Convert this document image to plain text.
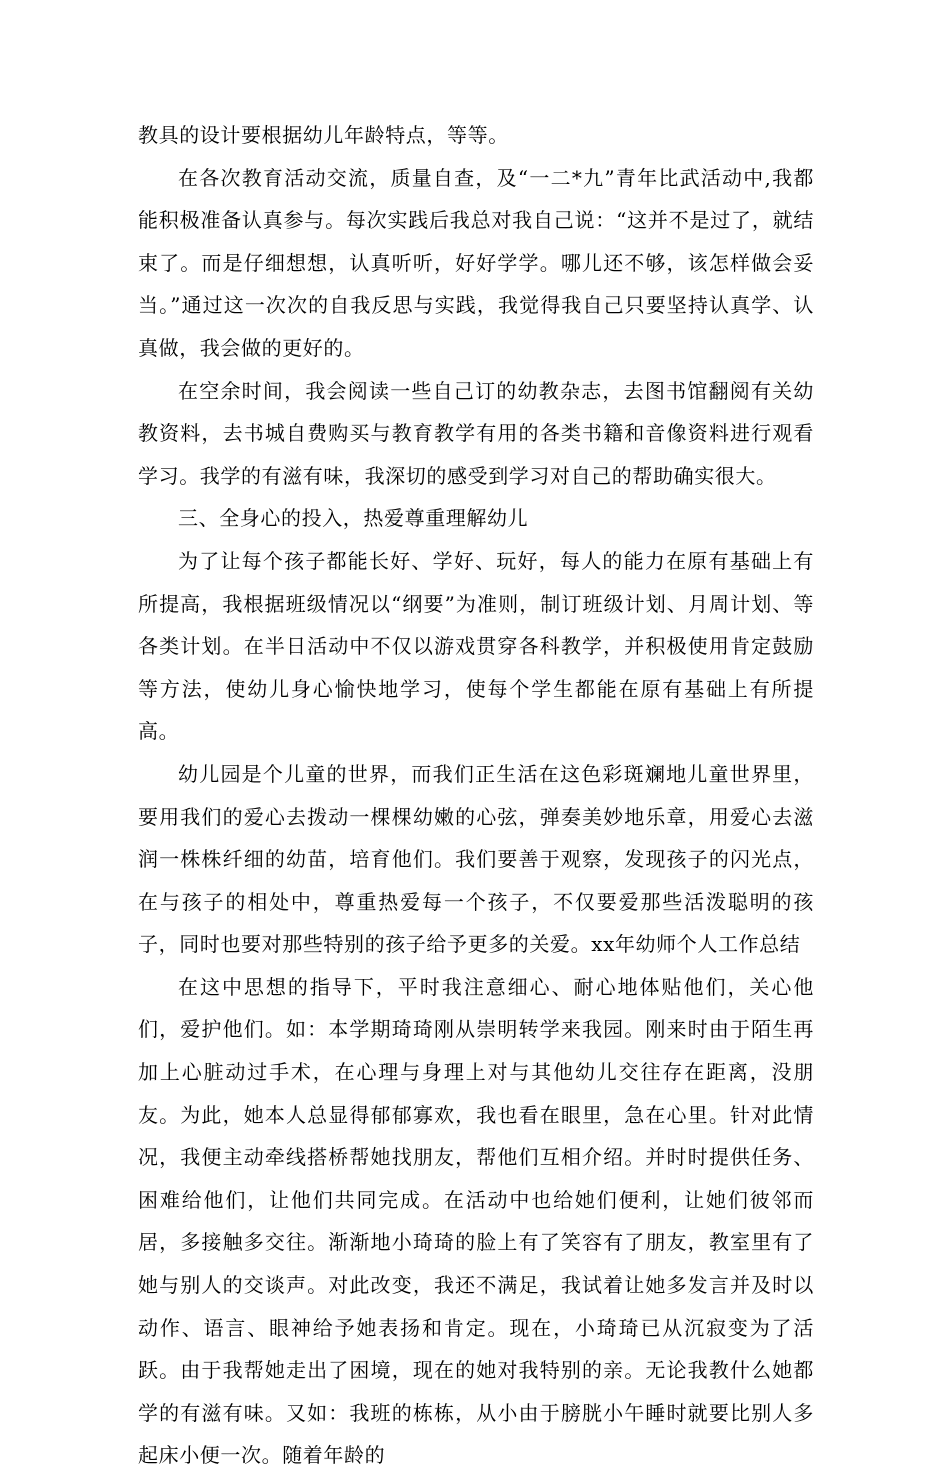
教具的设计要根据幼儿年龄特点，等等。

在各次教育活动交流，质量自查，及“一二*九”青年比武活动中,我都能积极准备认真参与。每次实践后我总对我自己说：“这并不是过了，就结束了。而是仔细想想，认真听听，好好学学。哪儿还不够，该怎样做会妥当。”通过这一次次的自我反思与实践，我觉得我自己只要坚持认真学、认真做，我会做的更好的。

在空余时间，我会阅读一些自己订的幼教杂志，去图书馆翻阅有关幼教资料，去书城自费购买与教育教学有用的各类书籍和音像资料进行观看学习。我学的有滋有味，我深切的感受到学习对自己的帮助确实很大。

三、全身心的投入，热爱尊重理解幼儿

为了让每个孩子都能长好、学好、玩好，每人的能力在原有基础上有所提高，我根据班级情况以“纲要”为准则，制订班级计划、月周计划、等各类计划。在半日活动中不仅以游戏贯穿各科教学，并积极使用肯定鼓励等方法，使幼儿身心愉快地学习，使每个学生都能在原有基础上有所提高。

幼儿园是个儿童的世界，而我们正生活在这色彩斑斓地儿童世界里，要用我们的爱心去拨动一棵棵幼嫩的心弦，弹奏美妙地乐章，用爱心去滋润一株株纤细的幼苗，培育他们。我们要善于观察，发现孩子的闪光点，在与孩子的相处中，尊重热爱每一个孩子，不仅要爱那些活泼聪明的孩子，同时也要对那些特别的孩子给予更多的关爱。xx年幼师个人工作总结

在这中思想的指导下，平时我注意细心、耐心地体贴他们，关心他们，爱护他们。如：本学期琦琦刚从崇明转学来我园。刚来时由于陌生再加上心脏动过手术，在心理与身理上对与其他幼儿交往存在距离，没朋友。为此，她本人总显得郁郁寡欢，我也看在眼里，急在心里。针对此情况，我便主动牵线搭桥帮她找朋友，帮他们互相介绍。并时时提供任务、困难给他们，让他们共同完成。在活动中也给她们便利，让她们彼邻而居，多接触多交往。渐渐地小琦琦的脸上有了笑容有了朋友，教室里有了她与别人的交谈声。对此改变，我还不满足，我试着让她多发言并及时以动作、语言、眼神给予她表扬和肯定。现在，小琦琦已从沉寂变为了活跃。由于我帮她走出了困境，现在的她对我特别的亲。无论我教什么她都学的有滋有味。又如：我班的栋栋，从小由于膀胱小午睡时就要比别人多起床小便一次。随着年龄的
